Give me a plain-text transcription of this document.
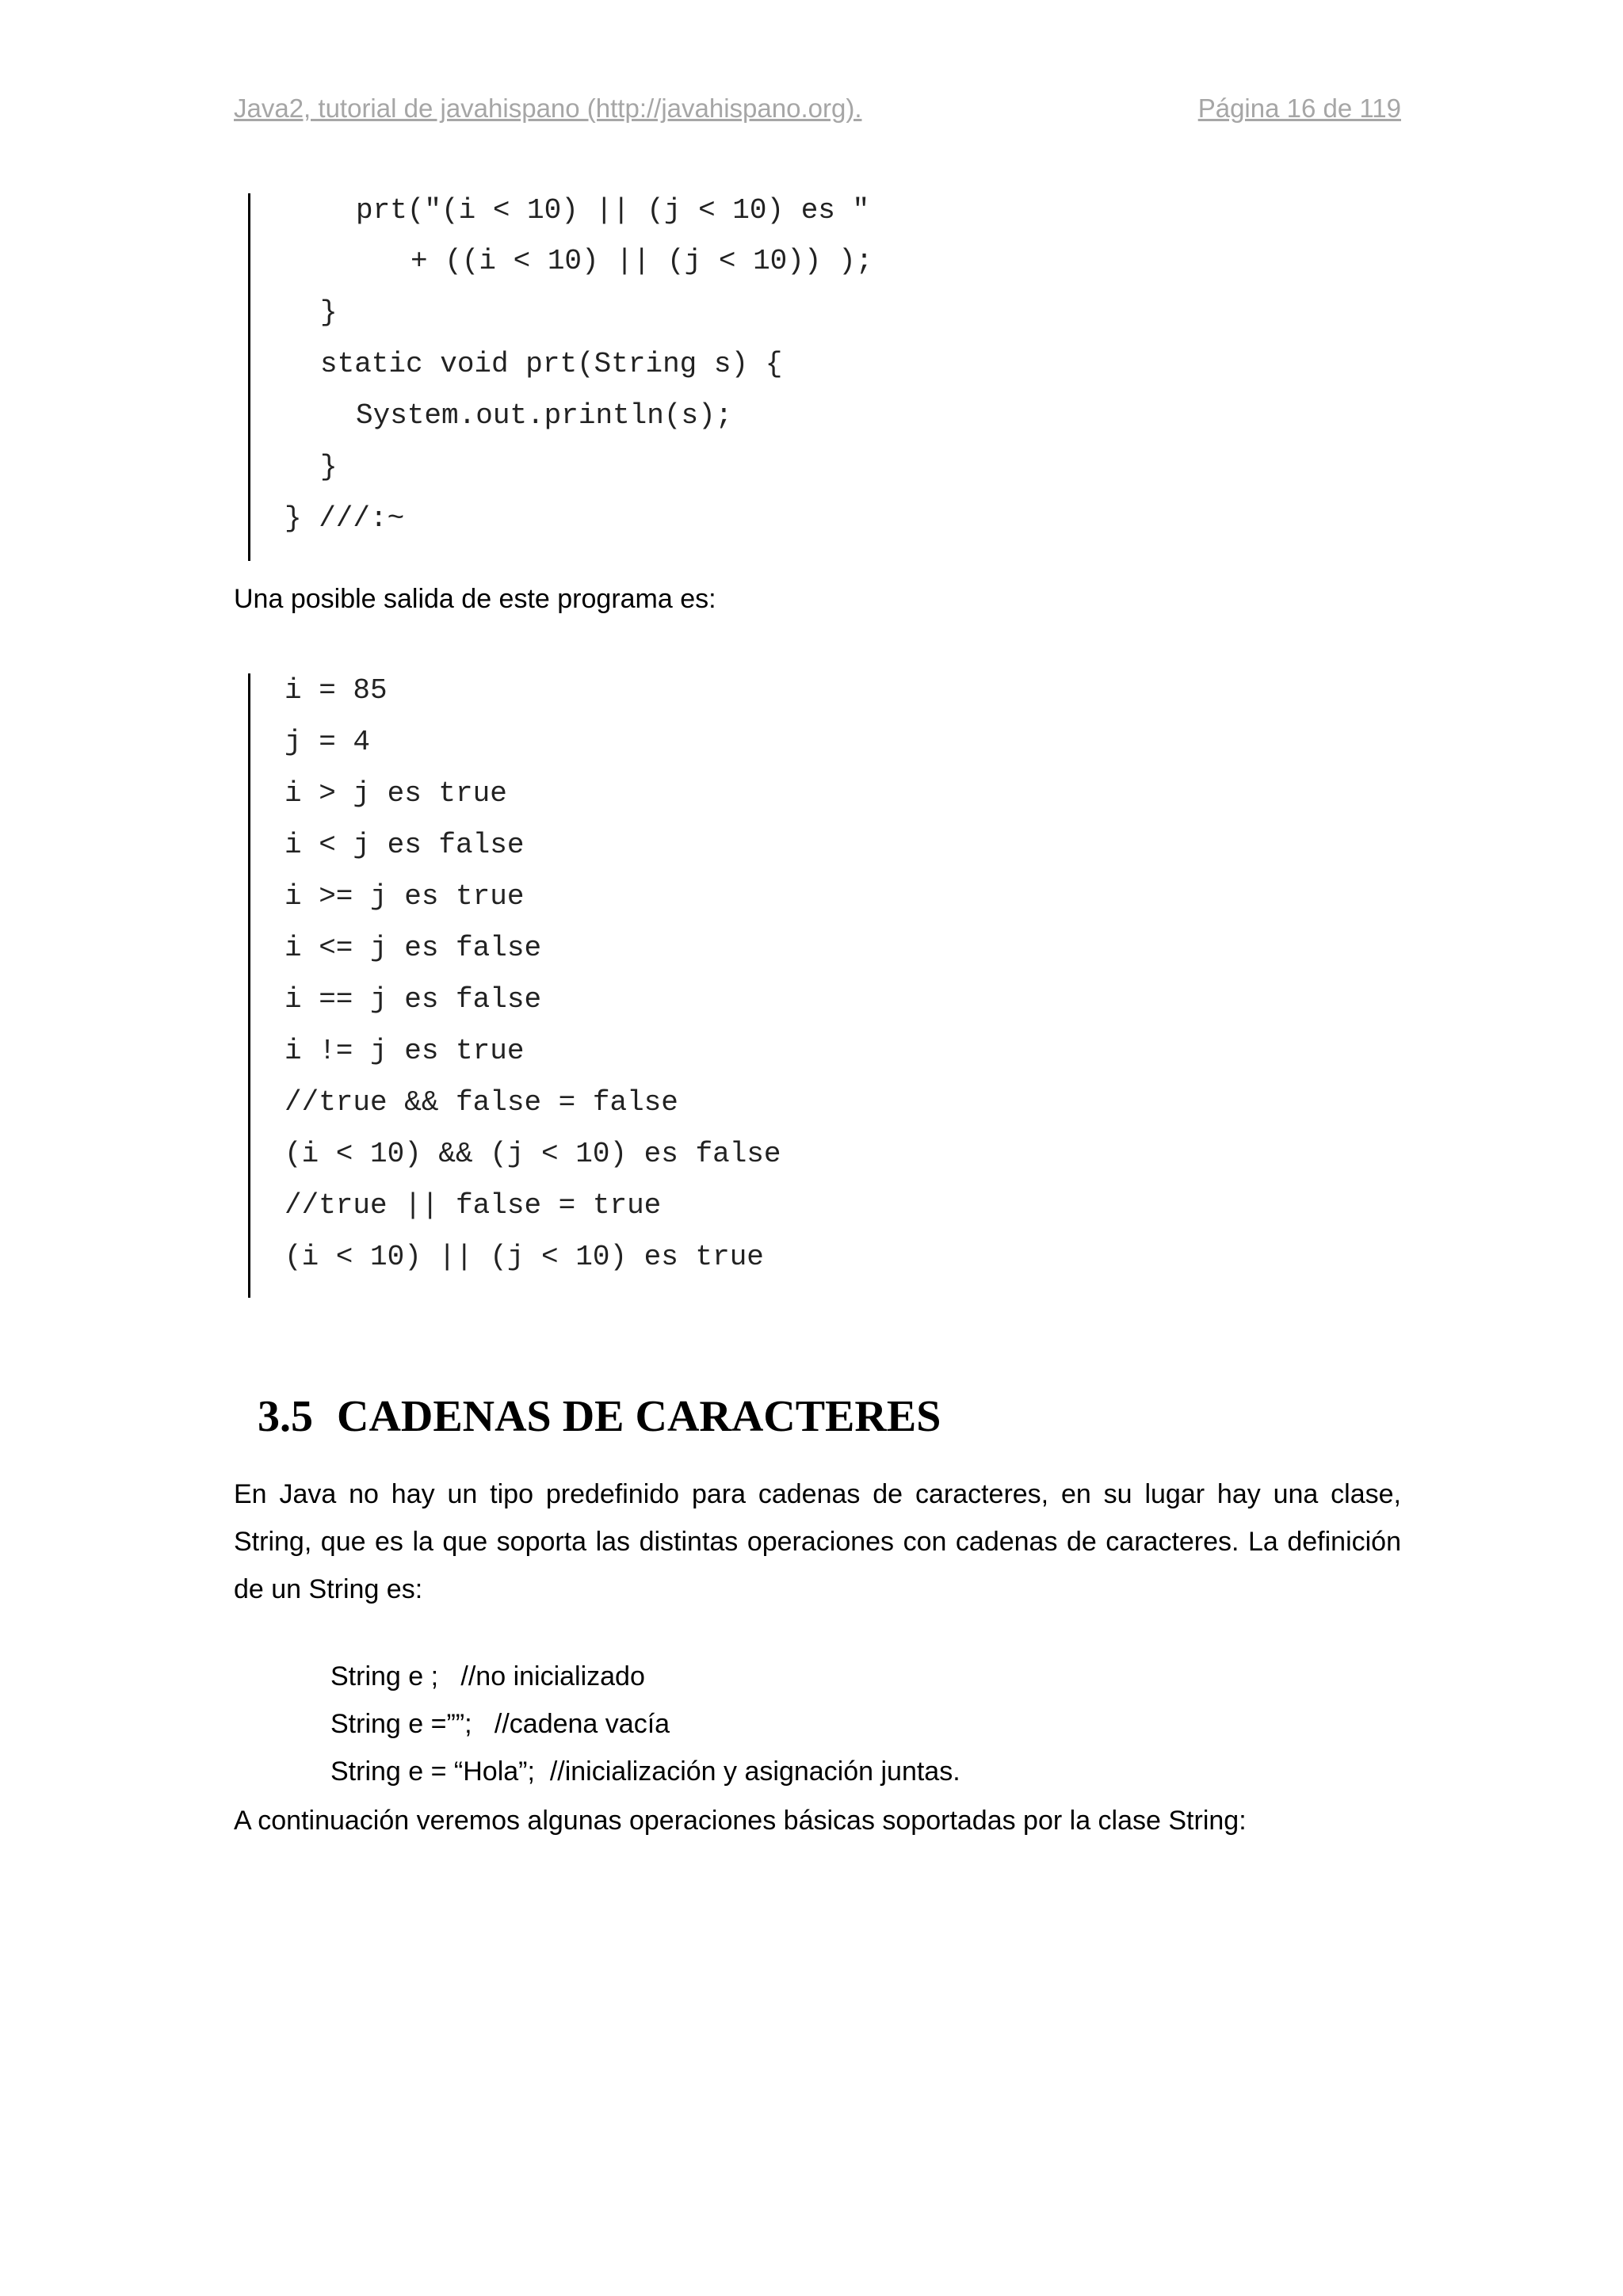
Java2, tutorial de javahispano (http://javahispano.org).	Página 16 de 119
prt("(i < 10) || (j < 10) es "
+ ((i < 10) || (j < 10)) );
}
static void prt(String s) {
System.out.println(s);
}
} ///:~
Una posible salida de este programa es:
i = 85
j = 4
i > j es true
i < j es false
i >= j es true
i <= j es false
i == j es false
i != j es true
//true && false = false
(i < 10) && (j < 10) es false
//true || false = true
(i < 10) || (j < 10) es true
3.5 CADENAS DE CARACTERES
En Java no hay un tipo predefinido para cadenas de caracteres, en su lugar hay una clase,
String, que es la que soporta las distintas operaciones con cadenas de caracteres. La definición
de un String es:
String e ;   //no inicializado
String e =””;   //cadena vacía
String e = “Hola”;  //inicialización y asignación juntas.
A continuación veremos algunas operaciones básicas soportadas por la clase String:
